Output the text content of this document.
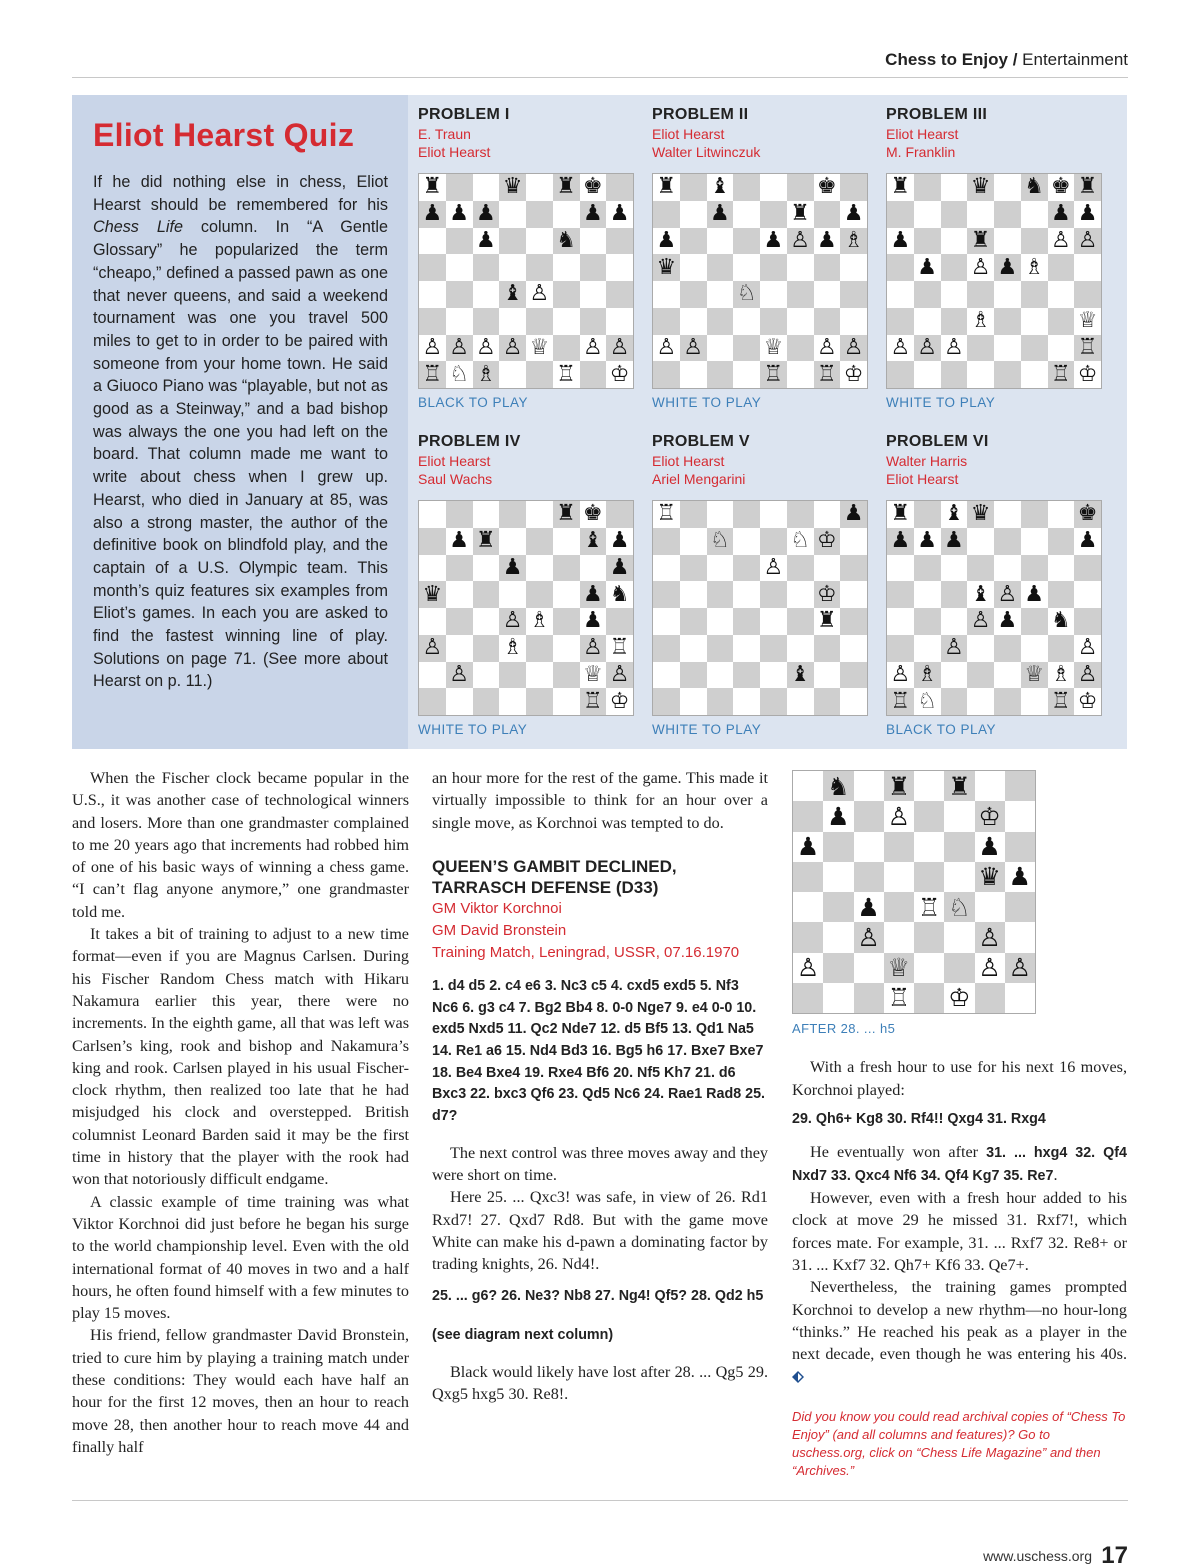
Chess to Enjoy / Entertainment
Eliot Hearst Quiz
If he did nothing else in chess, Eliot Hearst should be remembered for his Chess Life column. In “A Gentle Glossary” he popularized the term “cheapo,” defined a passed pawn as one that never queens, and said a weekend tournament was one you travel 500 miles to get to in order to be paired with someone from your home town. He said a Giuoco Piano was “playable, but not as good as a Steinway,” and a bad bishop was always the one you had left on the board. That column made me want to write about chess when I grew up. Hearst, who died in January at 85, was also a strong master, the author of the definitive book on blindfold play, and the captain of a U.S. Olympic team. This month’s quiz features six examples from Eliot’s games. In each you are asked to find the fastest winning line of play. Solutions on page 71. (See more about Hearst on p. 11.)
PROBLEM I
E. Traun
Eliot Hearst
♜	♛ ♜ ♚
♟ ♟ ♟	♟ ♟
♟	♞
♝ ♙
♙ ♙ ♙ ♙ ♕ ♙ ♙
♖ ♘ ♗	♖ ♔
BLACK TO PLAY
PROBLEM II
Eliot Hearst
Walter Litwinczuk
♜ ♝	♚
♟	♜ ♟
♟	♟ ♙ ♟ ♗
♛
♘
♙ ♙	♕ ♙ ♙
♖ ♖ ♔
WHITE TO PLAY
PROBLEM III
Eliot Hearst
M. Franklin
♜	♛ ♞ ♚ ♜
♟ ♟
♟	♜	♙ ♙
♟ ♙ ♟ ♗
♗	♕
♙ ♙ ♙	♖
♖ ♔
WHITE TO PLAY
PROBLEM IV
Eliot Hearst
Saul Wachs
♜ ♚
♟ ♜	♝ ♟
♟	♟
♛	♟ ♞
♙ ♗ ♟
♙	♗	♙ ♖
♙	♕ ♙
♖ ♔
WHITE TO PLAY
PROBLEM V
Eliot Hearst
Ariel Mengarini
♖	♟
♘	♘ ♔
♙
♔
♜
♝
WHITE TO PLAY
PROBLEM VI
Walter Harris
Eliot Hearst
♜ ♝ ♛	♚
♟ ♟ ♟	♟
♝ ♙ ♟
♙ ♟ ♞
♙	♙
♙ ♗	♕ ♗ ♙
♖ ♘	♖ ♔
BLACK TO PLAY

When the Fischer clock became popular in the U.S., it was another case of technological winners and losers. More than one grandmaster complained to me 20 years ago that increments had robbed him of one of his basic ways of winning a chess game. “I can’t flag anyone anymore,” one grandmaster told me.

It takes a bit of training to adjust to a new time format—even if you are Magnus Carlsen. During his Fischer Random Chess match with Hikaru Nakamura earlier this year, there were no increments. In the eighth game, all that was left was Carlsen’s king, rook and bishop and Nakamura’s king and rook. Carlsen played in his usual Fischer-clock rhythm, then realized too late that he had misjudged his clock and overstepped. British columnist Leonard Barden said it may be the first time in history that the player with the rook had won that notoriously difficult endgame.

A classic example of time training was what Viktor Korchnoi did just before he began his surge to the world championship level. Even with the old international format of 40 moves in two and a half hours, he often found himself with a few minutes to play 15 moves.

His friend, fellow grandmaster David Bronstein, tried to cure him by playing a training match under these conditions: They would each have half an hour for the first 12 moves, then an hour to reach move 28, then another hour to reach move 44 and finally half

an hour more for the rest of the game. This made it virtually impossible to think for an hour over a single move, as Korchnoi was tempted to do.

QUEEN’S GAMBIT DECLINED, TARRASCH DEFENSE (D33)
GM Viktor Korchnoi
GM David Bronstein
Training Match, Leningrad, USSR, 07.16.1970
1. d4 d5 2. c4 e6 3. Nc3 c5 4. cxd5 exd5 5. Nf3 Nc6 6. g3 c4 7. Bg2 Bb4 8. 0-0 Nge7 9. e4 0-0 10. exd5 Nxd5 11. Qc2 Nde7 12. d5 Bf5 13. Qd1 Na5 14. Re1 a6 15. Nd4 Bd3 16. Bg5 h6 17. Bxe7 Bxe7 18. Be4 Bxe4 19. Rxe4 Bf6 20. Nf5 Kh7 21. d6 Bxc3 22. bxc3 Qf6 23. Qd5 Nc6 24. Rae1 Rad8 25. d7?

The next control was three moves away and they were short on time.

Here 25. ... Qxc3! was safe, in view of 26. Rd1 Rxd7! 27. Qxd7 Rd8. But with the game move White can make his d-pawn a dominating factor by trading knights, 26. Nd4!.

25. ... g6? 26. Ne3? Nb8 27. Ng4! Qf5? 28. Qd2 h5
(see diagram next column)

Black would likely have lost after 28. ... Qg5 29. Qxg5 hxg5 30. Re8!.

♞ ♜ ♜
♟ ♙	♔
♟	♟
♛ ♟
♟ ♖ ♘
♙	♙
♙	♕	♙ ♙
♖ ♔
AFTER 28. ... h5

With a fresh hour to use for his next 16 moves, Korchnoi played:

29. Qh6+ Kg8 30. Rf4!! Qxg4 31. Rxg4

He eventually won after 31. ... hxg4 32. Qf4 Nxd7 33. Qxc4 Nf6 34. Qf4 Kg7 35. Re7.

However, even with a fresh hour added to his clock at move 29 he missed 31. Rxf7!, which forces mate. For example, 31. ... Rxf7 32. Re8+ or 31. ... Kxf7 32. Qh7+ Kf6 33. Qe7+.

Nevertheless, the training games prompted Korchnoi to develop a new rhythm—no hour-long “thinks.” He reached his peak as a player in the next decade, even though he was entering his 40s.

Did you know you could read archival copies of “Chess To Enjoy” (and all columns and features)? Go to uschess.org, click on “Chess Life Magazine” and then “Archives.”
www.uschess.org 17
